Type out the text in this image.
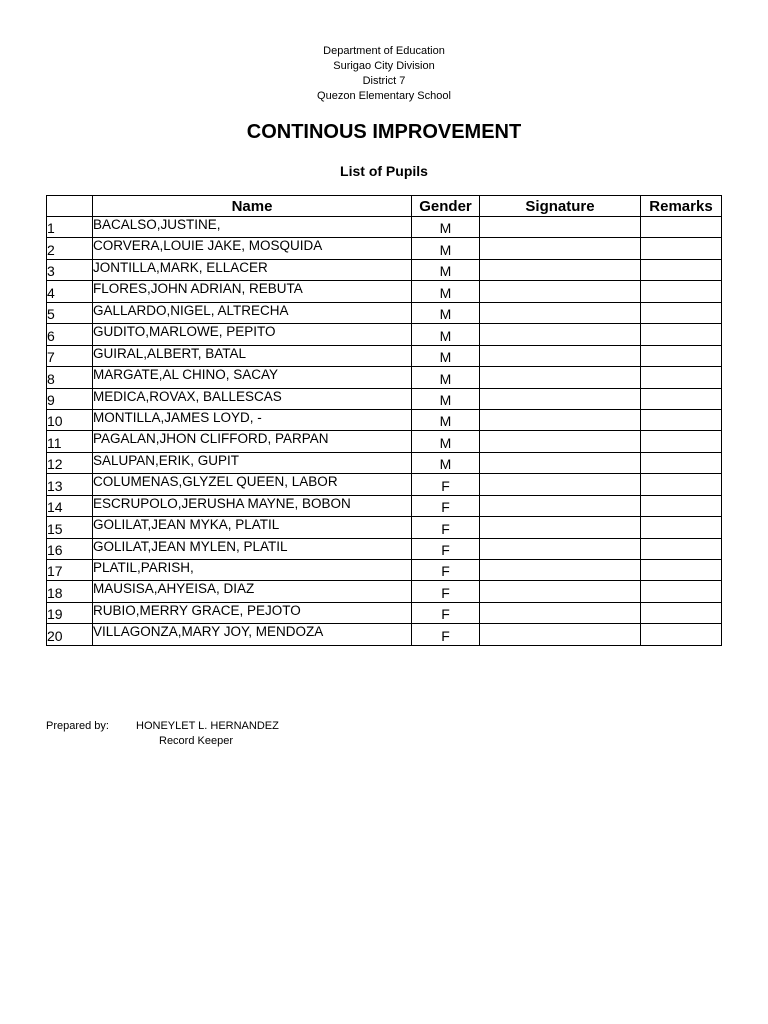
Department of Education
Surigao City Division
District 7
Quezon Elementary School
CONTINOUS IMPROVEMENT
List of Pupils
	Name	Gender	Signature	Remarks
1	BACALSO,JUSTINE,	M		
2	CORVERA,LOUIE JAKE, MOSQUIDA	M		
3	JONTILLA,MARK, ELLACER	M		
4	FLORES,JOHN ADRIAN, REBUTA	M		
5	GALLARDO,NIGEL, ALTRECHA	M		
6	GUDITO,MARLOWE, PEPITO	M		
7	GUIRAL,ALBERT, BATAL	M		
8	MARGATE,AL CHINO, SACAY	M		
9	MEDICA,ROVAX, BALLESCAS	M		
10	MONTILLA,JAMES LOYD, -	M		
11	PAGALAN,JHON CLIFFORD, PARPAN	M		
12	SALUPAN,ERIK, GUPIT	M		
13	COLUMENAS,GLYZEL QUEEN, LABOR	F		
14	ESCRUPOLO,JERUSHA MAYNE, BOBON	F		
15	GOLILAT,JEAN MYKA, PLATIL	F		
16	GOLILAT,JEAN MYLEN, PLATIL	F		
17	PLATIL,PARISH,	F		
18	MAUSISA,AHYEISA, DIAZ	F		
19	RUBIO,MERRY GRACE, PEJOTO	F		
20	VILLAGONZA,MARY JOY, MENDOZA	F		
Prepared by: HONEYLET L. HERNANDEZ
Record Keeper
